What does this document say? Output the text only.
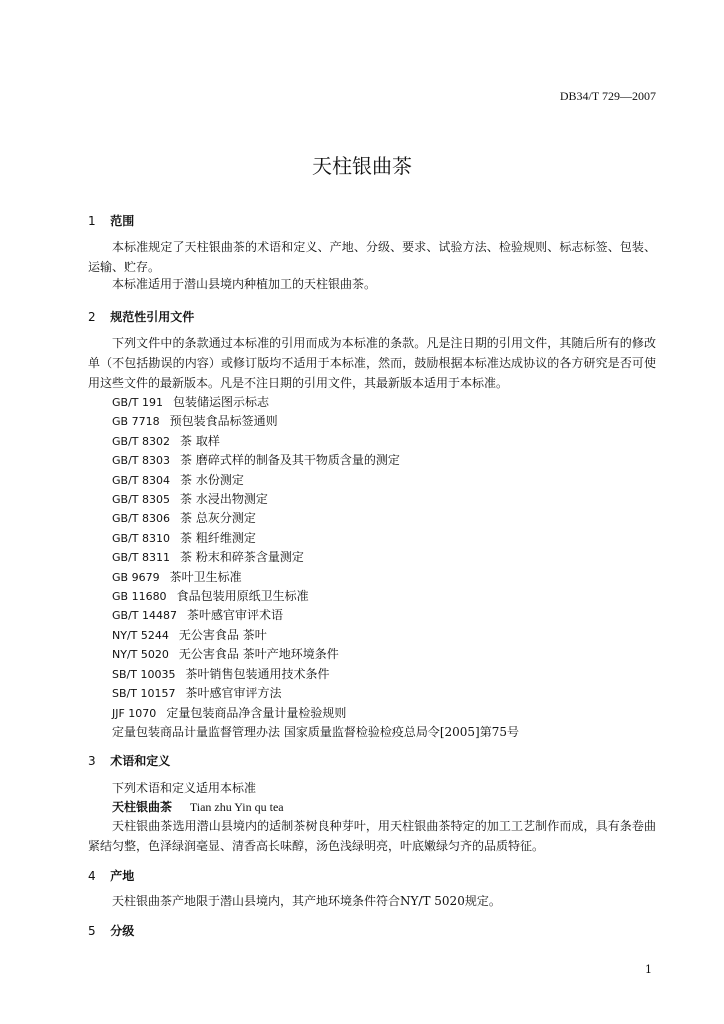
DB34/T 729—2007
天柱银曲茶
1 范围
本标准规定了天柱银曲茶的术语和定义、产地、分级、要求、试验方法、检验规则、标志标签、包装、运输、贮存。
本标准适用于潜山县境内种植加工的天柱银曲茶。
2 规范性引用文件
下列文件中的条款通过本标准的引用而成为本标准的条款。凡是注日期的引用文件，其随后所有的修改单（不包括勘误的内容）或修订版均不适用于本标准，然而，鼓励根据本标准达成协议的各方研究是否可使用这些文件的最新版本。凡是不注日期的引用文件，其最新版本适用于本标准。
GB/T 191 包装储运图示标志
GB 7718 预包装食品标签通则
GB/T 8302 茶 取样
GB/T 8303 茶 磨碎式样的制备及其干物质含量的测定
GB/T 8304 茶 水份测定
GB/T 8305 茶 水浸出物测定
GB/T 8306 茶 总灰分测定
GB/T 8310 茶 粗纤维测定
GB/T 8311 茶 粉末和碎茶含量测定
GB 9679 茶叶卫生标准
GB 11680 食品包装用原纸卫生标准
GB/T 14487 茶叶感官审评术语
NY/T 5244 无公害食品 茶叶
NY/T 5020 无公害食品 茶叶产地环境条件
SB/T 10035 茶叶销售包装通用技术条件
SB/T 10157 茶叶感官审评方法
JJF 1070 定量包装商品净含量计量检验规则
定量包装商品计量监督管理办法 国家质量监督检验检疫总局令[2005]第75号
3 术语和定义
下列术语和定义适用本标准
天柱银曲茶 Tian zhu Yin qu tea
天柱银曲茶选用潜山县境内的适制茶树良种芽叶，用天柱银曲茶特定的加工工艺制作而成，具有条卷曲紧结匀整，色泽绿润毫显、清香高长味醇，汤色浅绿明亮，叶底嫩绿匀齐的品质特征。
4 产地
天柱银曲茶产地限于潜山县境内，其产地环境条件符合NY/T 5020规定。
5 分级
1
